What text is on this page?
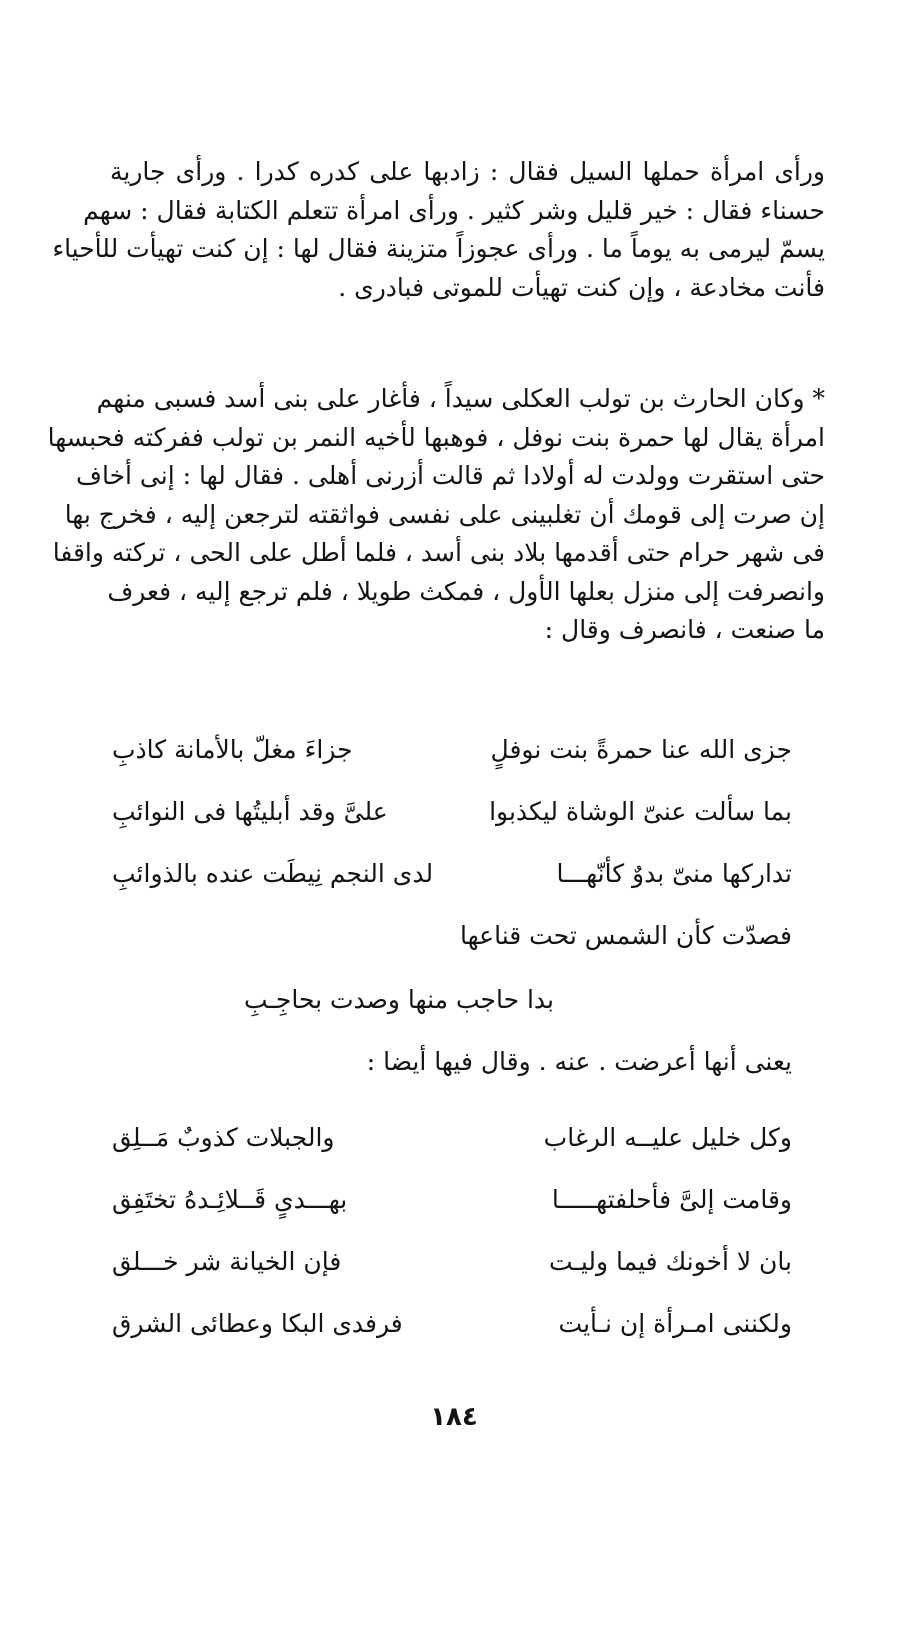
ورأى امرأة حملها السيل فقال : زادبها على كدره كدرا . ورأى جارية
حسناء فقال : خير قليل وشر كثير . ورأى امرأة تتعلم الكتابة فقال : سهم
يسمّ ليرمى به يوماً ما . ورأى عجوزاً متزينة فقال لها : إن كنت تهيأت للأحياء
فأنت مخادعة ، وإن كنت تهيأت للموتى فبادرى .
* وكان الحارث بن تولب العكلى سيداً ، فأغار على بنى أسد فسبى منهم
امرأة يقال لها حمرة بنت نوفل ، فوهبها لأخيه النمر بن تولب ففركته فحبسها
حتى استقرت وولدت له أولادا ثم قالت أزرنى أهلى . فقال لها : إنى أخاف
إن صرت إلى قومك أن تغلبينى على نفسى فواثقته لترجعن إليه ، فخرج بها
فى شهر حرام حتى أقدمها بلاد بنى أسد ، فلما أطل على الحى ، تركته واقفا
وانصرفت إلى منزل بعلها الأول ، فمكث طويلا ، فلم ترجع إليه ، فعرف
ما صنعت ، فانصرف وقال :
جزى الله عنا حمرةً بنت نوفلٍ
جزاءَ مغلّ بالأمانة كاذبِ
بما سألت عنىّ الوشاة ليكذبوا
علىَّ وقد أبليتُها فى النوائبِ
تداركها منىّ بدوٌ كأنّهـــا
لدى النجم نِيطَت عنده بالذوائبِ
فصدّت كأن الشمس تحت قناعها
بدا حاجب منها وصدت بحاجِـبِ
يعنى أنها أعرضت . عنه . وقال فيها أيضا :
وكل خليل عليــه الرغاب
والجبلات كذوبٌ مَــلِق
وقامت إلىَّ فأحلفتهـــــا
بهـــدىٍ قَــلائِـدهُ تختَفِق
بان لا أخونك فيما وليـت
فإن الخيانة شر خـــلق
ولكننى امـرأة إن نـأيت
فرفدى البكا وعطائى الشرق
١٨٤
